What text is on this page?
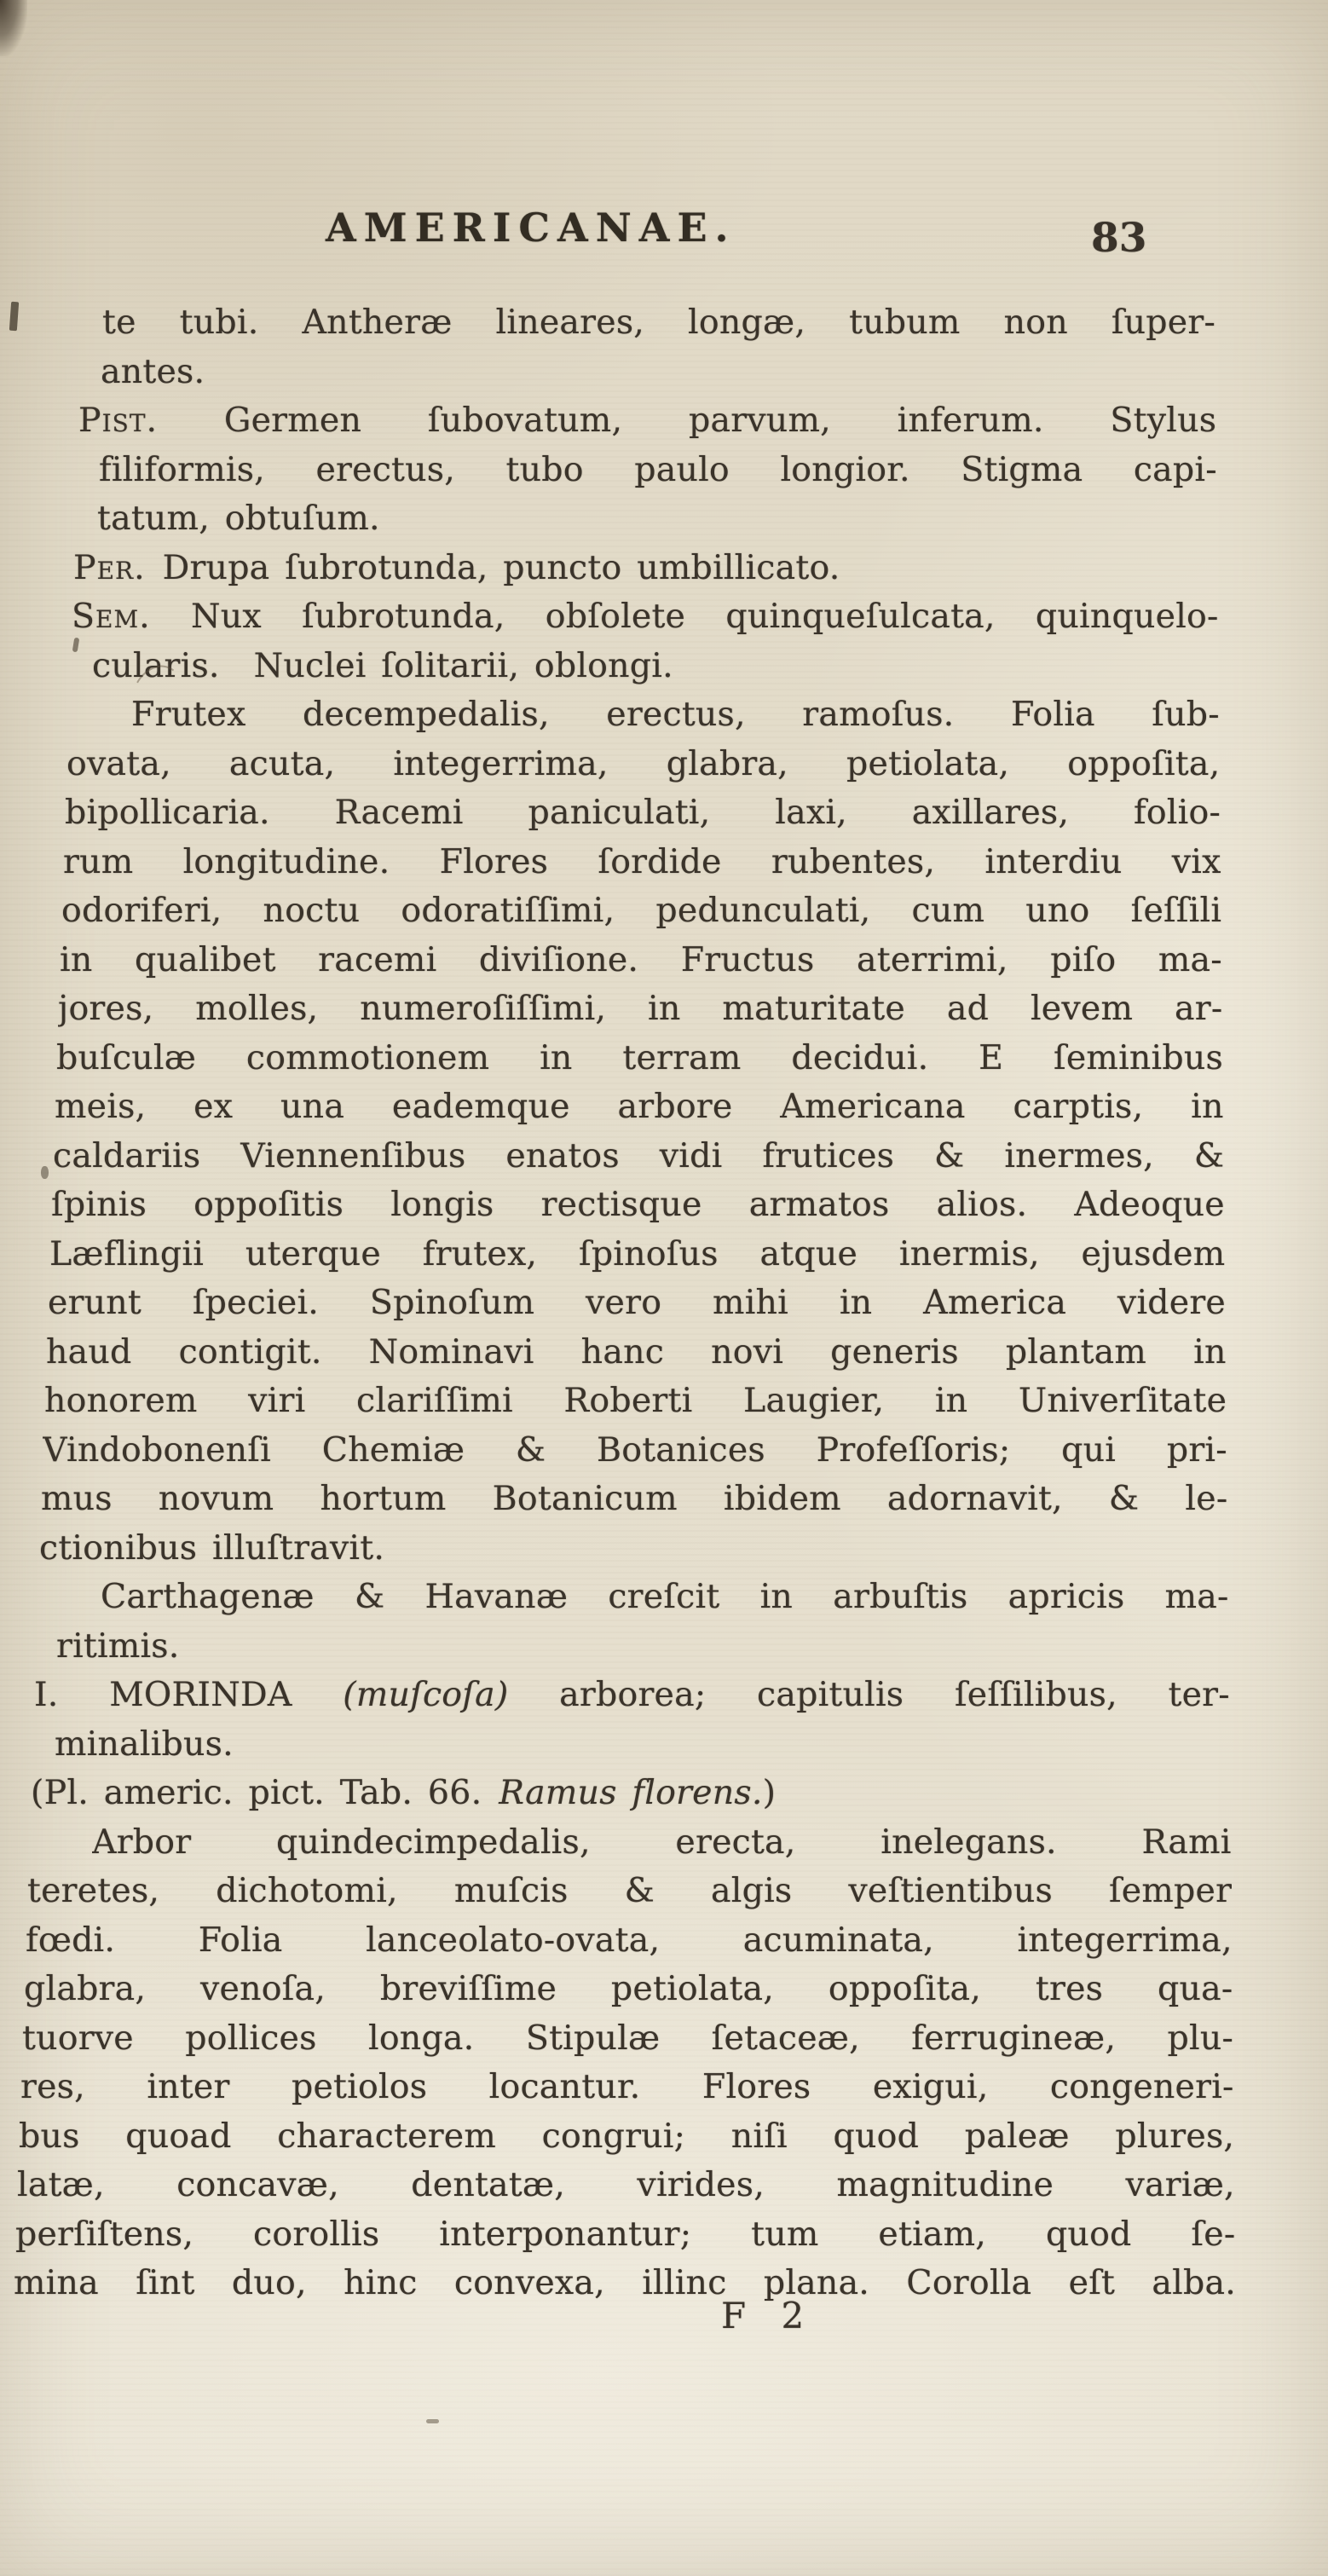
AMERICANAE.	83
te tubi. Antheræ lineares, longæ, tubum non ſuper-
antes.
Pist. Germen ſubovatum, parvum, inferum. Stylus
filiformis, erectus, tubo paulo longior. Stigma capi-
tatum, obtuſum.
Per. Drupa ſubrotunda, puncto umbillicato.
Sem. Nux ſubrotunda, obſolete quinqueſulcata, quinquelo-
cularis.  Nuclei ſolitarii, oblongi.
Frutex decempedalis, erectus, ramoſus. Folia ſub-
ovata, acuta, integerrima, glabra, petiolata, oppoſita,
bipollicaria. Racemi paniculati, laxi, axillares, folio-
rum longitudine. Flores ſordide rubentes, interdiu vix
odoriferi, noctu odoratiſſimi, pedunculati, cum uno ſeſſili
in qualibet racemi diviſione. Fructus aterrimi, piſo ma-
jores, molles, numeroſiſſimi, in maturitate ad levem ar-
buſculæ commotionem in terram decidui. E ſeminibus
meis, ex una eademque arbore Americana carptis, in
caldariis Viennenſibus enatos vidi frutices & inermes, &
ſpinis oppoſitis longis rectisque armatos alios. Adeoque
Læflingii uterque frutex, ſpinoſus atque inermis, ejusdem
erunt ſpeciei. Spinoſum vero mihi in America videre
haud contigit. Nominavi hanc novi generis plantam in
honorem viri clariſſimi Roberti Laugier, in Univerſitate
Vindobonenſi Chemiæ & Botanices Profeſſoris; qui pri-
mus novum hortum Botanicum ibidem adornavit, & le-
ctionibus illuſtravit.
Carthagenæ & Havanæ creſcit in arbuſtis apricis ma-
ritimis.
I. MORINDA (muſcoſa) arborea; capitulis ſeſſilibus, ter-
minalibus.
(Pl. americ. pict. Tab. 66. Ramus florens.)
Arbor quindecimpedalis, erecta, inelegans. Rami
teretes, dichotomi, muſcis & algis veſtientibus ſemper
fœdi. Folia lanceolato-ovata, acuminata, integerrima,
glabra, venoſa, breviſſime petiolata, oppoſita, tres qua-
tuorve pollices longa. Stipulæ ſetaceæ, ferrugineæ, plu-
res, inter petiolos locantur. Flores exigui, congeneri-
bus quoad characterem congrui; niſi quod paleæ plures,
latæ, concavæ, dentatæ, virides, magnitudine variæ,
perſiſtens, corollis interponantur; tum etiam, quod ſe-
mina ſint duo, hinc convexa, illinc plana. Corolla eſt alba.
F 2
